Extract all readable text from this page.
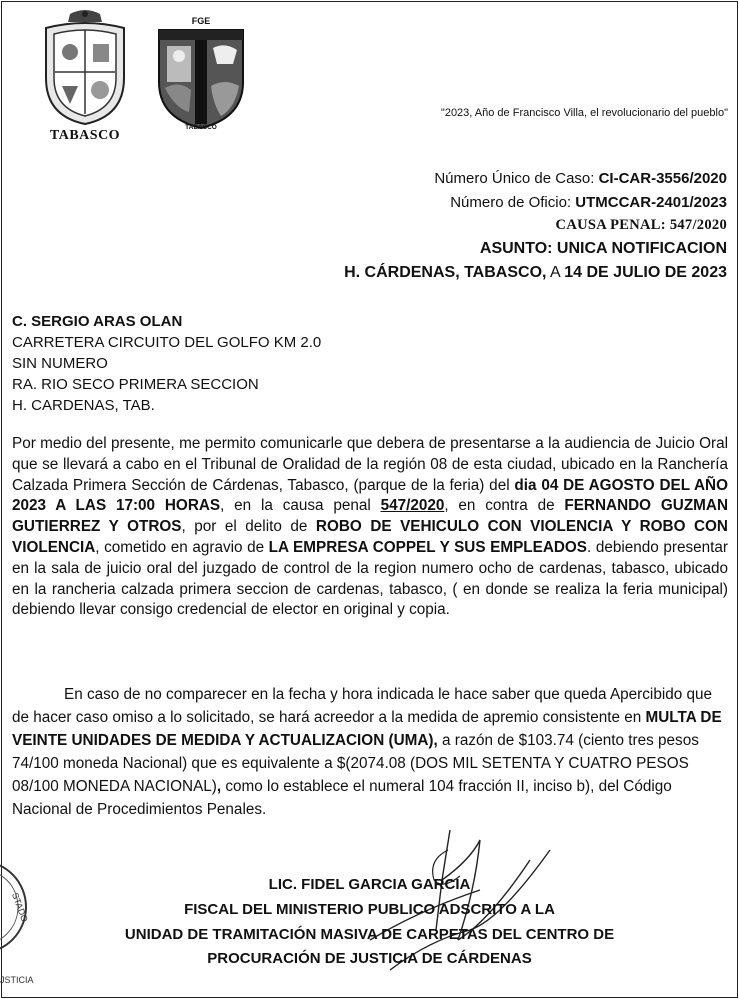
TABASCO
FGE
TABASCO
"2023, Año de Francisco Villa, el revolucionario del pueblo"
Número Único de Caso: CI-CAR-3556/2020
Número de Oficio: UTMCCAR-2401/2023
CAUSA PENAL: 547/2020
ASUNTO: UNICA NOTIFICACION
H. CÁRDENAS, TABASCO, A 14 DE JULIO DE 2023
C. SERGIO ARAS OLAN
CARRETERA CIRCUITO DEL GOLFO KM 2.0
SIN NUMERO
RA. RIO SECO PRIMERA SECCION
H. CARDENAS, TAB.
Por medio del presente, me permito comunicarle que debera de presentarse a la audiencia de Juicio Oral que se llevará a cabo en el Tribunal de Oralidad de la región 08 de esta ciudad, ubicado en la Ranchería Calzada Primera Sección de Cárdenas, Tabasco, (parque de la feria) del dia 04 DE AGOSTO DEL AÑO 2023 A LAS 17:00 HORAS, en la causa penal 547/2020, en contra de FERNANDO GUZMAN GUTIERREZ Y OTROS, por el delito de ROBO DE VEHICULO CON VIOLENCIA Y ROBO CON VIOLENCIA, cometido en agravio de LA EMPRESA COPPEL Y SUS EMPLEADOS. debiendo presentar en la sala de juicio oral del juzgado de control de la region numero ocho de cardenas, tabasco, ubicado en la rancheria calzada primera seccion de cardenas, tabasco, ( en donde se realiza la feria municipal) debiendo llevar consigo credencial de elector en original y copia.
En caso de no comparecer en la fecha y hora indicada le hace saber que queda Apercibido que de hacer caso omiso a lo solicitado, se hará acreedor a la medida de apremio consistente en MULTA DE VEINTE UNIDADES DE MEDIDA Y ACTUALIZACION (UMA), a razón de $103.74 (ciento tres pesos 74/100 moneda Nacional) que es equivalente a $(2074.08 (DOS MIL SETENTA Y CUATRO PESOS 08/100 MONEDA NACIONAL), como lo establece el numeral 104 fracción II, inciso b), del Código Nacional de Procedimientos Penales.
STADO
JSTICIA
LIC. FIDEL GARCIA GARCIA
FISCAL DEL MINISTERIO PUBLICO ADSCRITO A LA
UNIDAD DE TRAMITACIÓN MASIVA DE CARPETAS DEL CENTRO DE
PROCURACIÓN DE JUSTICIA DE CÁRDENAS
